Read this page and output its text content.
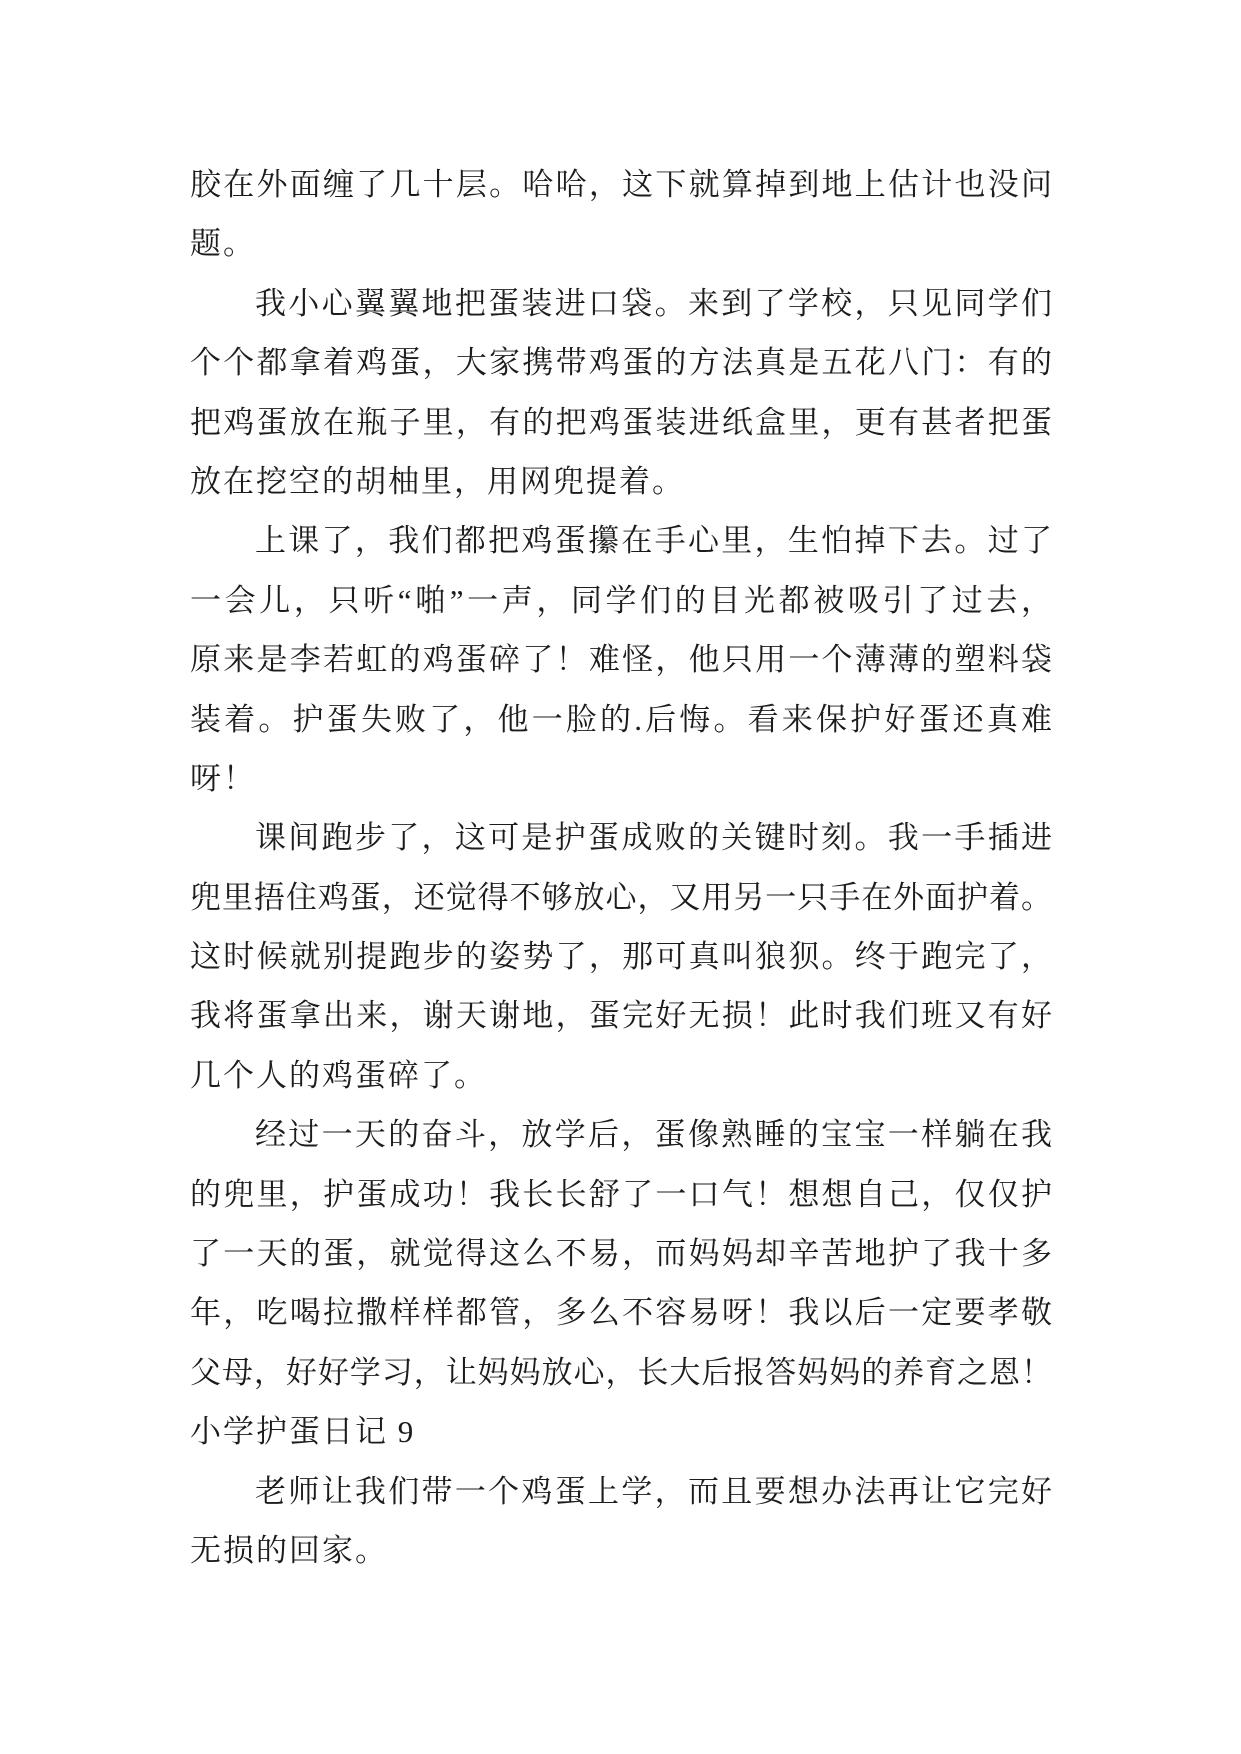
胶在外面缠了几十层。哈哈，这下就算掉到地上估计也没问
题。
我小心翼翼地把蛋装进口袋。来到了学校，只见同学们
个个都拿着鸡蛋，大家携带鸡蛋的方法真是五花八门：有的
把鸡蛋放在瓶子里，有的把鸡蛋装进纸盒里，更有甚者把蛋
放在挖空的胡柚里，用网兜提着。
上课了，我们都把鸡蛋攥在手心里，生怕掉下去。过了
一会儿，只听“啪”一声，同学们的目光都被吸引了过去，
原来是李若虹的鸡蛋碎了！难怪，他只用一个薄薄的塑料袋
装着。护蛋失败了，他一脸的.后悔。看来保护好蛋还真难
呀！
课间跑步了，这可是护蛋成败的关键时刻。我一手插进
兜里捂住鸡蛋，还觉得不够放心，又用另一只手在外面护着。
这时候就别提跑步的姿势了，那可真叫狼狈。终于跑完了，
我将蛋拿出来，谢天谢地，蛋完好无损！此时我们班又有好
几个人的鸡蛋碎了。
经过一天的奋斗，放学后，蛋像熟睡的宝宝一样躺在我
的兜里，护蛋成功！我长长舒了一口气！想想自己，仅仅护
了一天的蛋，就觉得这么不易，而妈妈却辛苦地护了我十多
年，吃喝拉撒样样都管，多么不容易呀！我以后一定要孝敬
父母，好好学习，让妈妈放心，长大后报答妈妈的养育之恩！
小学护蛋日记 9
老师让我们带一个鸡蛋上学，而且要想办法再让它完好
无损的回家。
